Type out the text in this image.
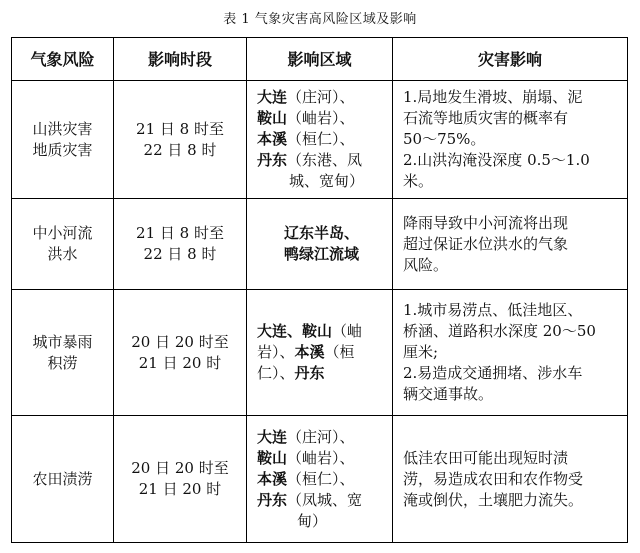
表 1 气象灾害高风险区域及影响
气象风险	影响时段	影响区域	灾害影响

山洪灾害
地质灾害	21 日 8 时至
22 日 8 时	大连（庄河）、
鞍山（岫岩）、
本溪（桓仁）、
丹东（东港、凤
城、宽甸）	1.局地发生滑坡、崩塌、泥
石流等地质灾害的概率有
50～75%。
2.山洪沟淹没深度 0.5～1.0
米。

中小河流
洪水	21 日 8 时至
22 日 8 时	辽东半岛、
鸭绿江流域	降雨导致中小河流将出现
超过保证水位洪水的气象
风险。

城市暴雨
积涝	20 日 20 时至
21 日 20 时	大连、鞍山（岫
岩）、本溪（桓
仁）、丹东	1.城市易涝点、低洼地区、
桥涵、道路积水深度 20～50
厘米;
2.易造成交通拥堵、涉水车
辆交通事故。

农田渍涝	20 日 20 时至
21 日 20 时	大连（庄河）、
鞍山（岫岩）、
本溪（桓仁）、
丹东（凤城、宽
甸）	低洼农田可能出现短时渍
涝，易造成农田和农作物受
淹或倒伏，土壤肥力流失。
